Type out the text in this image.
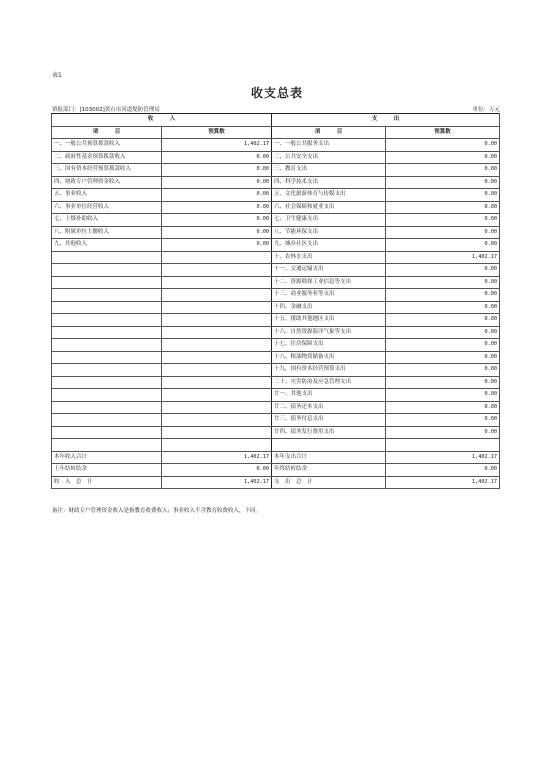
表1
收支总表
填报部门：[103002]黄石市河道堤防管理局	单位：万元
收　　　入		支　　　出	
项　　　目	预算数	项　　　目	预算数
一、一般公共预算拨款收入	1,402.17	一、一般公共服务支出	0.00
二、政府性基金预算拨款收入	0.00	二、公共安全支出	0.00
三、国有资本经营预算拨款收入	0.00	三、教育支出	0.00
四、财政专户管理资金收入	0.00	四、科学技术支出	0.00
五、事业收入	0.00	五、文化旅游体育与传媒支出	0.00
六、事业单位经营收入	0.00	六、社会保障和就业支出	0.00
七、上级补助收入	0.00	七、卫生健康支出	0.00
八、附属单位上缴收入	0.00	八、节能环保支出	0.00
九、其他收入	0.00	九、城乡社区支出	0.00
		十、农林水支出	1,402.17
		十一、交通运输支出	0.00
		十二、资源勘探工业信息等支出	0.00
		十三、商业服务业等支出	0.00
		十四、金融支出	0.00
		十五、援助其他地区支出	0.00
		十六、自然资源海洋气象等支出	0.00
		十七、住房保障支出	0.00
		十八、粮油物资储备支出	0.00
		十九、国有资本经营预算支出	0.00
		二十、灾害防治及应急管理支出	0.00
		廿一、其他支出	0.00
		廿二、债务还本支出	0.00
		廿三、债务付息支出	0.00
		廿四、债务发行费用支出	0.00

本年收入合计	1,402.17	本年支出合计	1,402.17
上年结转结余	0.00	年终结转结余	0.00
收　入　总　计	1,402.17	支　出　总　计	1,402.17
备注：财政专户管理资金收入是指教育收费收入；事业收入不含教育收费收入，下同。
